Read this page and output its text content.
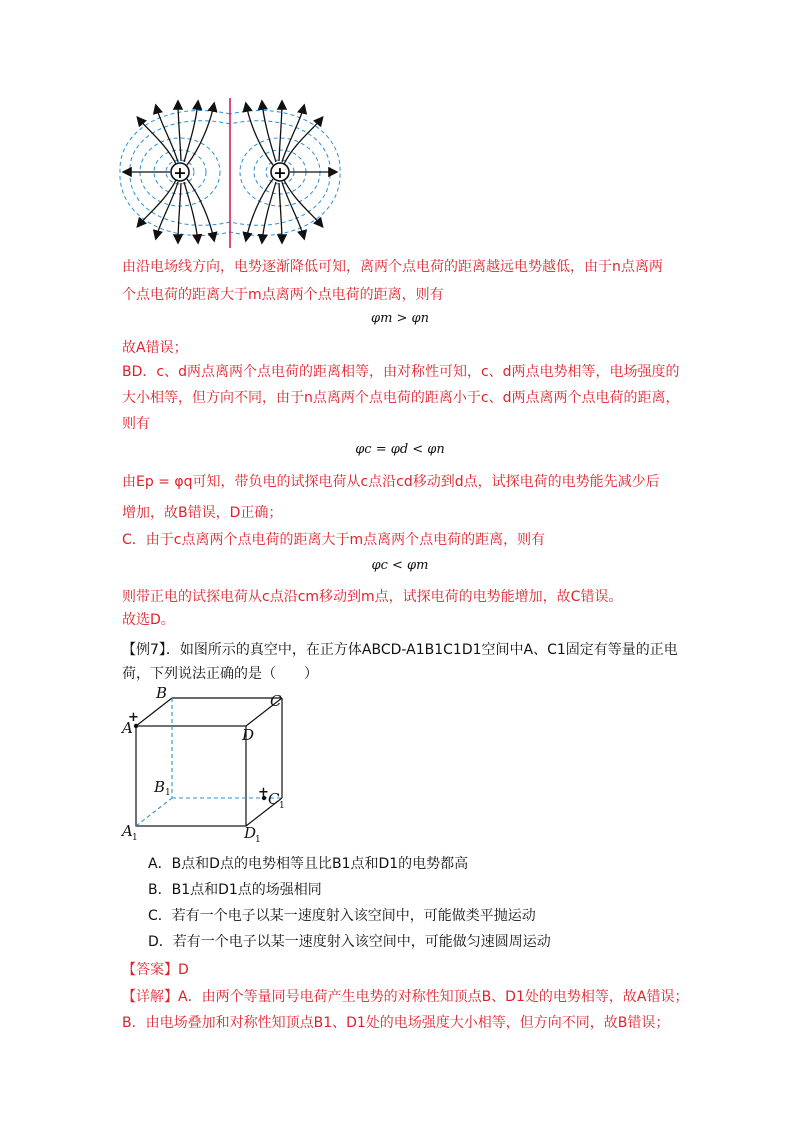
+	+
由沿电场线方向，电势逐渐降低可知，离两个点电荷的距离越远电势越低，由于n点离两
个点电荷的距离大于m点离两个点电荷的距离，则有
φm > φn
故A错误；
BD．c、d两点离两个点电荷的距离相等，由对称性可知，c、d两点电势相等，电场强度的
大小相等，但方向不同，由于n点离两个点电荷的距离小于c、d两点离两个点电荷的距离，
则有
φc = φd < φn
由Ep = φq可知，带负电的试探电荷从c点沿cd移动到d点，试探电荷的电势能先减少后
增加，故B错误，D正确；
C．由于c点离两个点电荷的距离大于m点离两个点电荷的距离，则有
φc < φm
则带正电的试探电荷从c点沿cm移动到m点，试探电荷的电势能增加，故C错误。
故选D。
【例7】．如图所示的真空中，在正方体ABCD-A1B1C1D1空间中A、C1固定有等量的正电
荷，下列说法正确的是（　　）
B	C
A	D
B
C
A	D
1
1
1	1
+
+
A．B点和D点的电势相等且比B1点和D1的电势都高
B．B1点和D1点的场强相同
C．若有一个电子以某一速度射入该空间中，可能做类平抛运动
D．若有一个电子以某一速度射入该空间中，可能做匀速圆周运动
【答案】D
【详解】A．由两个等量同号电荷产生电势的对称性知顶点B、D1处的电势相等，故A错误；
B．由电场叠加和对称性知顶点B1、D1处的电场强度大小相等，但方向不同，故B错误；
